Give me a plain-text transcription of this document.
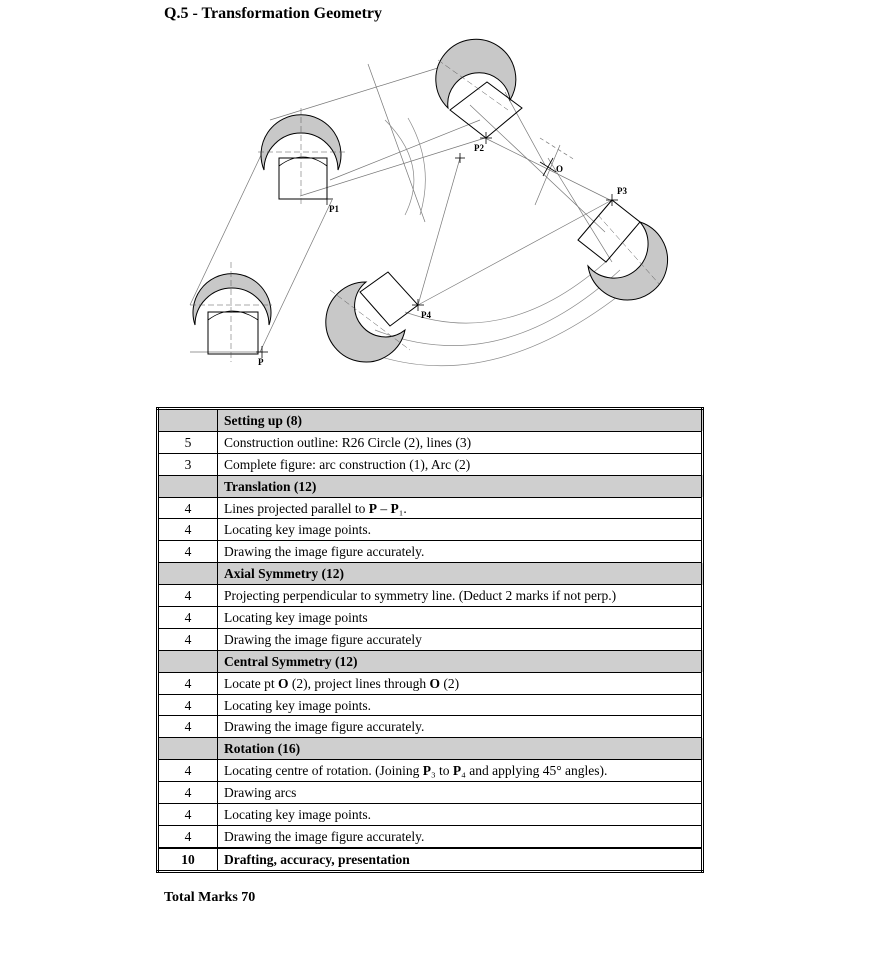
Q.5 - Transformation Geometry
P
P1
P2
P3
P4
O
	Setting up (8)
5	Construction outline: R26 Circle (2), lines (3)
3	Complete figure: arc construction (1), Arc (2)
	Translation (12)
4	Lines projected parallel to P – P₁.
4	Locating key image points.
4	Drawing the image figure accurately.
	Axial Symmetry (12)
4	Projecting perpendicular to symmetry line. (Deduct 2 marks if not perp.)
4	Locating key image points
4	Drawing the image figure accurately
	Central Symmetry (12)
4	Locate pt O (2), project lines through O (2)
4	Locating key image points.
4	Drawing the image figure accurately.
	Rotation (16)
4	Locating centre of rotation. (Joining P₃ to P₄ and applying 45° angles).
4	Drawing arcs
4	Locating key image points.
4	Drawing the image figure accurately.
10	Drafting, accuracy, presentation
Total Marks 70
